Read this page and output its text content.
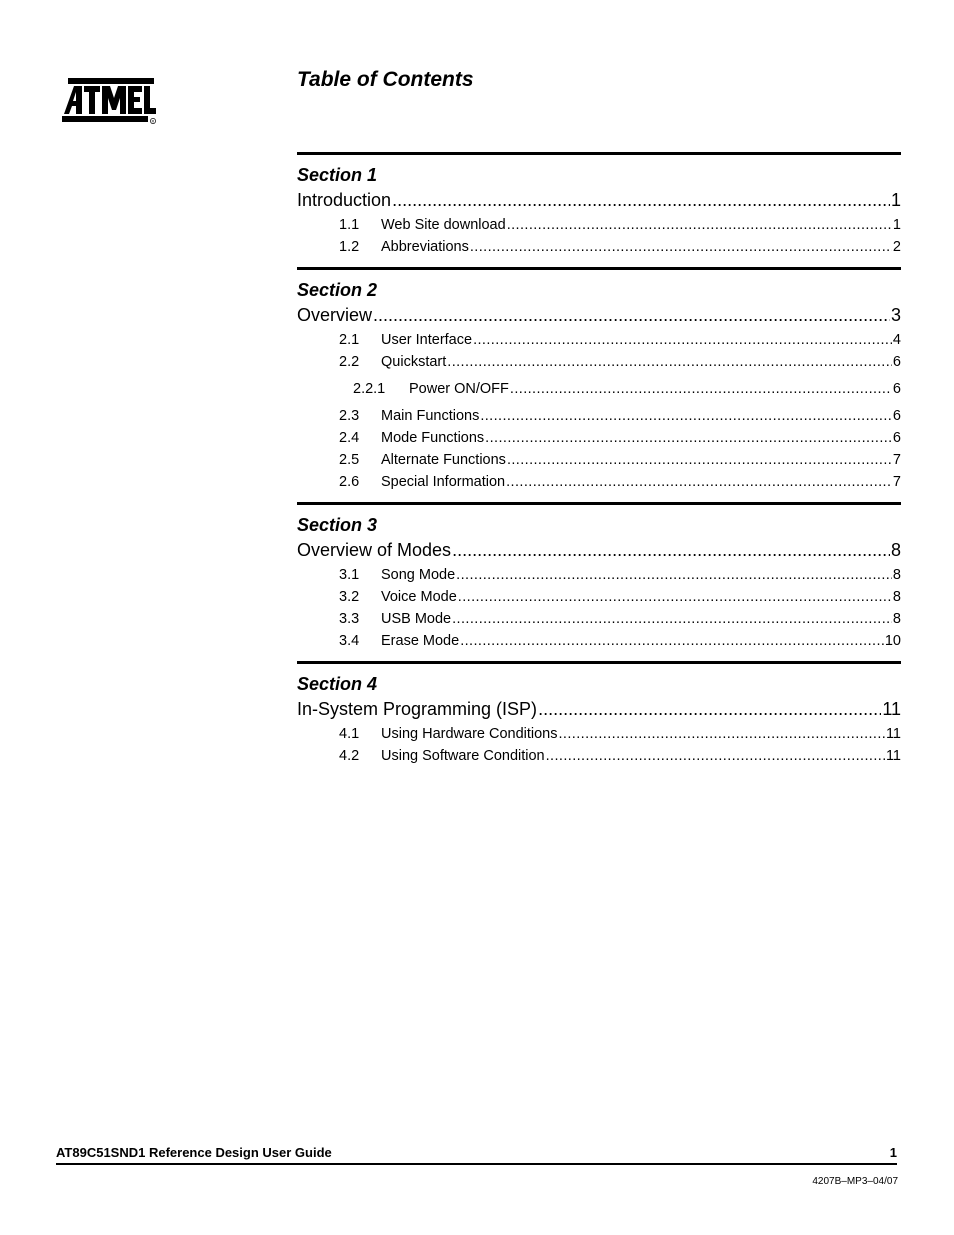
R
Table of Contents
Section 1
Introduction .....	1
1.1	Web Site download .....	1
1.2	Abbreviations .....	2
Section 2
Overview .....	3
2.1	User Interface .....	4
2.2	Quickstart .....	6
2.2.1	Power ON/OFF .....	6
2.3	Main Functions .....	6
2.4	Mode Functions .....	6
2.5	Alternate Functions .....	7
2.6	Special Information .....	7
Section 3
Overview of Modes .....	8
3.1	Song Mode .....	8
3.2	Voice Mode .....	8
3.3	USB Mode .....	8
3.4	Erase Mode .....	10
Section 4
In-System Programming (ISP) .....	11
4.1	Using Hardware Conditions .....	11
4.2	Using Software Condition .....	11
AT89C51SND1 Reference Design User Guide	1
4207B–MP3–04/07
